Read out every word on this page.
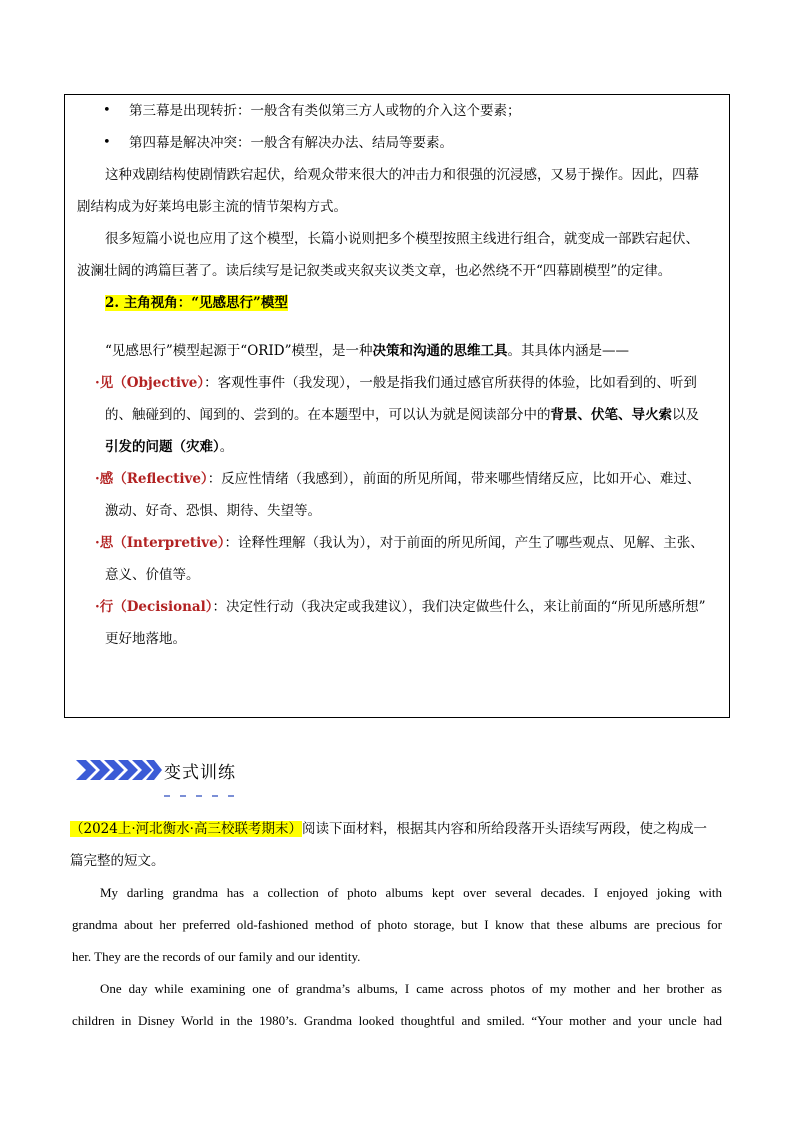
• 第三幕是出现转折：一般含有类似第三方人或物的介入这个要素；

• 第四幕是解决冲突：一般含有解决办法、结局等要素。

这种戏剧结构使剧情跌宕起伏，给观众带来很大的冲击力和很强的沉浸感，又易于操作。因此，四幕

剧结构成为好莱坞电影主流的情节架构方式。

很多短篇小说也应用了这个模型，长篇小说则把多个模型按照主线进行组合，就变成一部跌宕起伏、

波澜壮阔的鸿篇巨著了。读后续写是记叙类或夹叙夹议类文章，也必然绕不开“四幕剧模型”的定律。

2. 主角视角：“见感思行”模型

“见感思行”模型起源于“ORID”模型，是一种决策和沟通的思维工具。其具体内涵是——

·见（Objective）：客观性事件（我发现），一般是指我们通过感官所获得的体验，比如看到的、听到

的、触碰到的、闻到的、尝到的。在本题型中，可以认为就是阅读部分中的背景、伏笔、导火索以及

引发的问题（灾难）。

·感（Reflective）：反应性情绪（我感到），前面的所见所闻，带来哪些情绪反应，比如开心、难过、

激动、好奇、恐惧、期待、失望等。

·思（Interpretive）：诠释性理解（我认为），对于前面的所见所闻，产生了哪些观点、见解、主张、

意义、价值等。

·行（Decisional）：决定性行动（我决定或我建议），我们决定做些什么，来让前面的“所见所感所想”

更好地落地。

变式训练
（2024上·河北衡水·高三校联考期末）阅读下面材料，根据其内容和所给段落开头语续写两段，使之构成一
篇完整的短文。
My darling grandma has a collection of photo albums kept over several decades. I enjoyed joking with
grandma about her preferred old-fashioned method of photo storage, but I know that these albums are precious for
her. They are the records of our family and our identity.
One day while examining one of grandma’s albums, I came across photos of my mother and her brother as
children in Disney World in the 1980’s. Grandma looked thoughtful and smiled. “Your mother and your uncle had
